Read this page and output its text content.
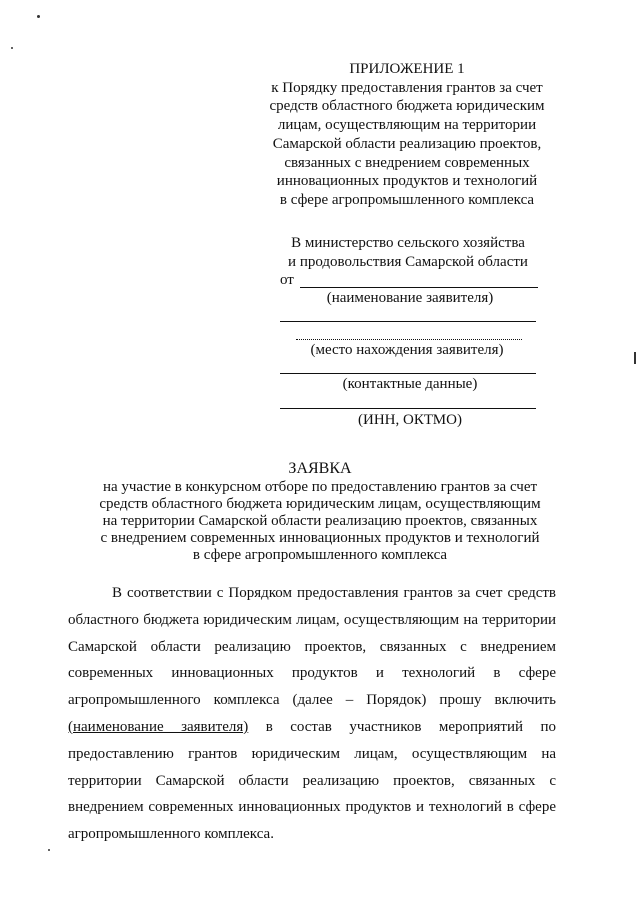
ПРИЛОЖЕНИЕ 1
к Порядку предоставления грантов за счет
средств областного бюджета юридическим
лицам, осуществляющим на территории
Самарской области реализацию проектов,
связанных с внедрением современных
инновационных продуктов и технологий
в сфере агропромышленного комплекса
В министерство сельского хозяйства
и продовольствия Самарской области
от
(наименование заявителя)
(место нахождения заявителя)
(контактные данные)
(ИНН, ОКТМО)
ЗАЯВКА
на участие в конкурсном отборе по предоставлению грантов за счет
средств областного бюджета юридическим лицам, осуществляющим
на территории Самарской области реализацию проектов, связанных
с внедрением современных инновационных продуктов и технологий
в сфере агропромышленного комплекса
В соответствии с Порядком предоставления грантов за счет средств
областного бюджета юридическим лицам, осуществляющим на территории
Самарской области реализацию проектов, связанных с внедрением
современных инновационных продуктов и технологий в сфере
агропромышленного комплекса (далее – Порядок) прошу включить
(наименование заявителя) в состав участников мероприятий по
предоставлению грантов юридическим лицам, осуществляющим на
территории Самарской области реализацию проектов, связанных с
внедрением современных инновационных продуктов и технологий в сфере
агропромышленного комплекса.
